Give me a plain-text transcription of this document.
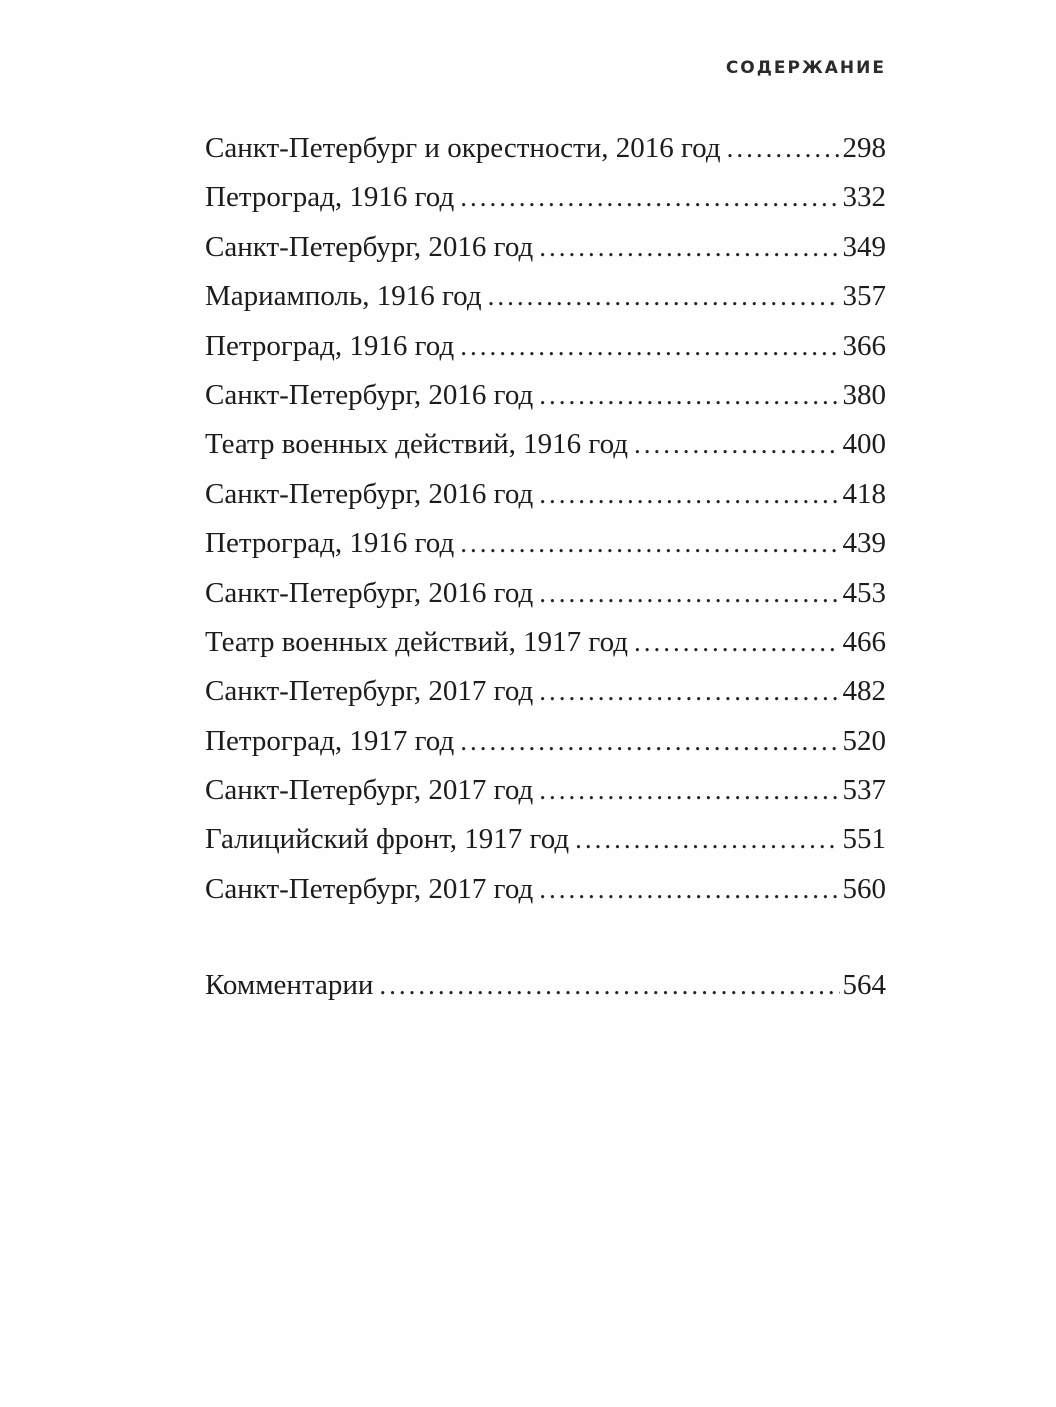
СОДЕРЖАНИЕ
Санкт-Петербург и окрестности, 2016 год .....	298
Петроград, 1916 год .....	332
Санкт-Петербург, 2016 год .....	349
Мариамполь, 1916 год .....	357
Петроград, 1916 год .....	366
Санкт-Петербург, 2016 год .....	380
Театр военных действий, 1916 год .....	400
Санкт-Петербург, 2016 год .....	418
Петроград, 1916 год .....	439
Санкт-Петербург, 2016 год .....	453
Театр военных действий, 1917 год .....	466
Санкт-Петербург, 2017 год .....	482
Петроград, 1917 год .....	520
Санкт-Петербург, 2017 год .....	537
Галицийский фронт, 1917 год .....	551
Санкт-Петербург, 2017 год .....	560
Комментарии .....	564
